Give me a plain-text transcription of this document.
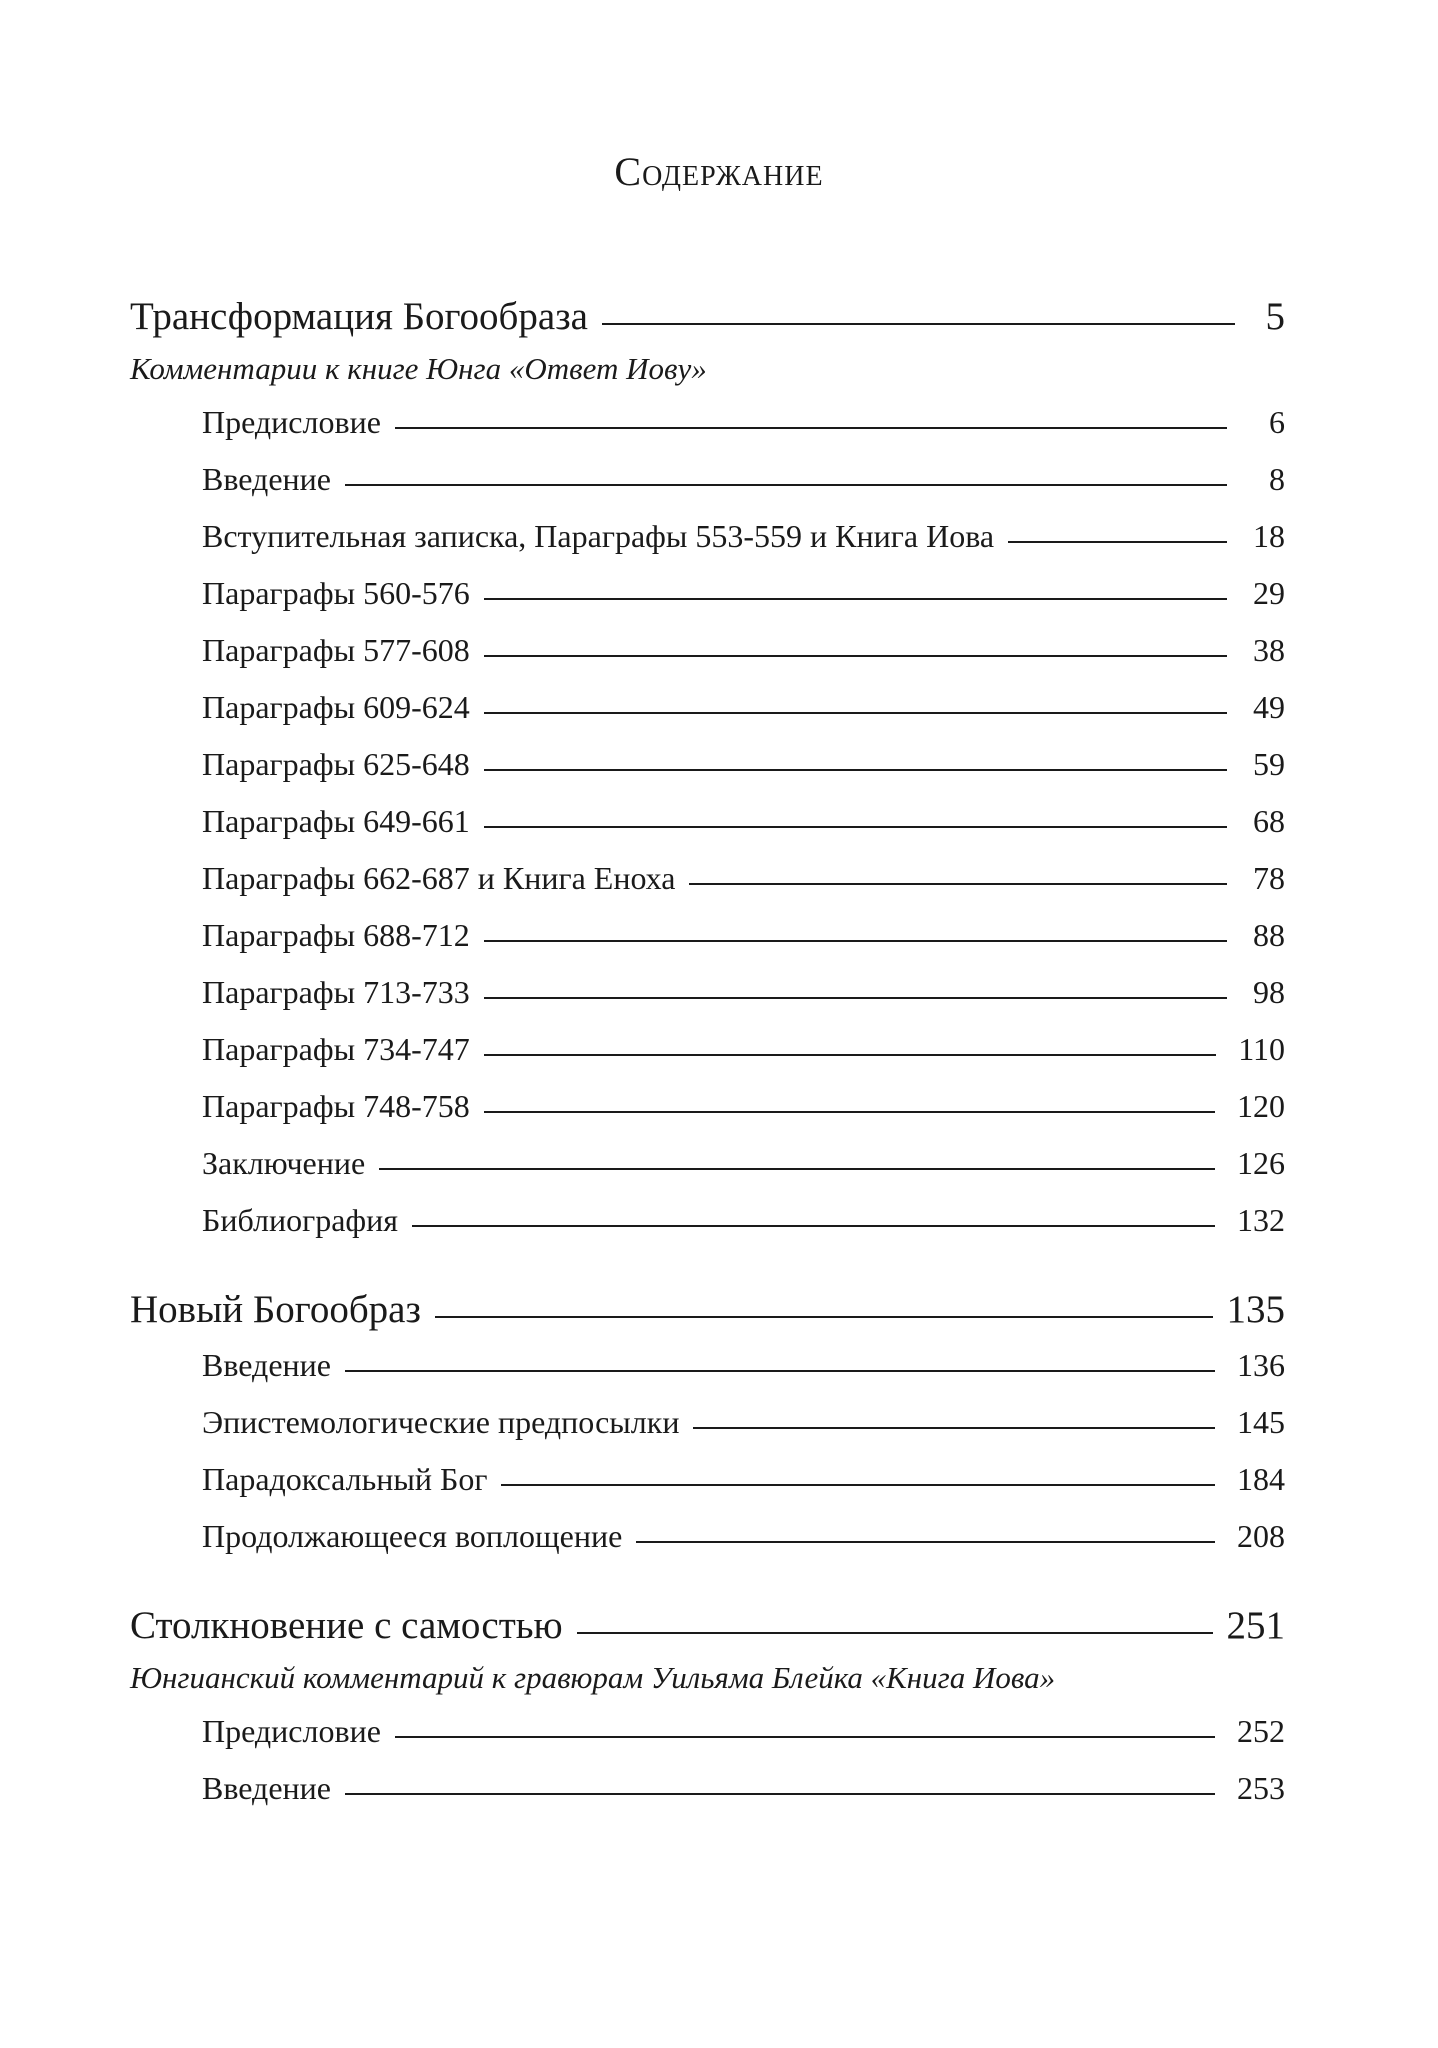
Содержание
Трансформация Богообраза	5
Комментарии к книге Юнга «Ответ Иову»
Предисловие	6
Введение	8
Вступительная записка, Параграфы 553-559 и Книга Иова	18
Параграфы 560-576	29
Параграфы 577-608	38
Параграфы 609-624	49
Параграфы 625-648	59
Параграфы 649-661	68
Параграфы 662-687 и Книга Еноха	78
Параграфы 688-712	88
Параграфы 713-733	98
Параграфы 734-747	110
Параграфы 748-758	120
Заключение	126
Библиография	132
Новый Богообраз	135
Введение	136
Эпистемологические предпосылки	145
Парадоксальный Бог	184
Продолжающееся воплощение	208
Столкновение с самостью	251
Юнгианский комментарий к гравюрам Уильяма Блейка «Книга Иова»
Предисловие	252
Введение	253
